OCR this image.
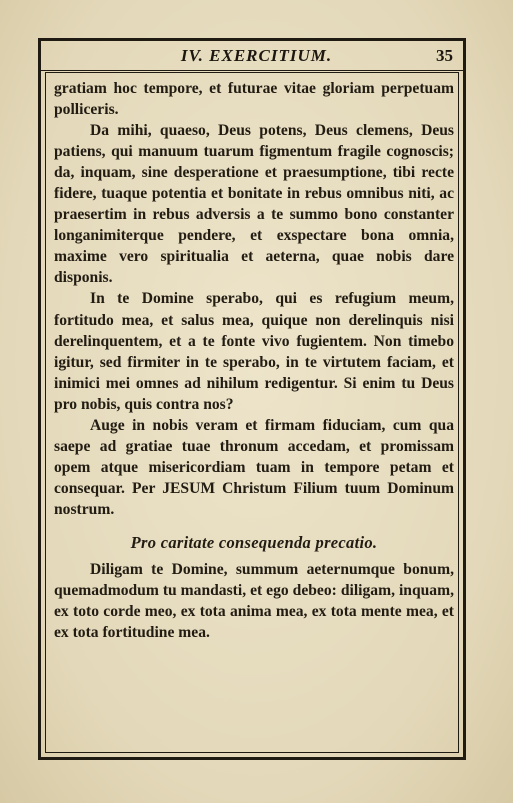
IV. EXERCITIUM.	35

gratiam hoc tempore, et futurae vitae gloriam perpetuam polliceris.

Da mihi, quaeso, Deus potens, Deus clemens, Deus patiens, qui manuum tuarum figmentum fragile cognoscis; da, inquam, sine desperatione et praesumptione, tibi recte fidere, tuaque potentia et bonitate in rebus omnibus niti, ac praesertim in rebus adversis a te summo bono constanter longanimiterque pendere, et exspectare bona omnia, maxime vero spiritualia et aeterna, quae nobis dare disponis.

In te Domine sperabo, qui es refugium meum, fortitudo mea, et salus mea, quique non derelinquis nisi derelinquentem, et a te fonte vivo fugientem. Non timebo igitur, sed firmiter in te sperabo, in te virtutem faciam, et inimici mei omnes ad nihilum redigentur. Si enim tu Deus pro nobis, quis contra nos?

Auge in nobis veram et firmam fiduciam, cum qua saepe ad gratiae tuae thronum accedam, et promissam opem atque misericordiam tuam in tempore petam et consequar. Per JESUM Christum Filium tuum Dominum nostrum.

Pro caritate consequenda precatio.

Diligam te Domine, summum aeternumque bonum, quemadmodum tu mandasti, et ego debeo: diligam, inquam, ex toto corde meo, ex tota anima mea, ex tota mente mea, et ex tota fortitudine mea.
